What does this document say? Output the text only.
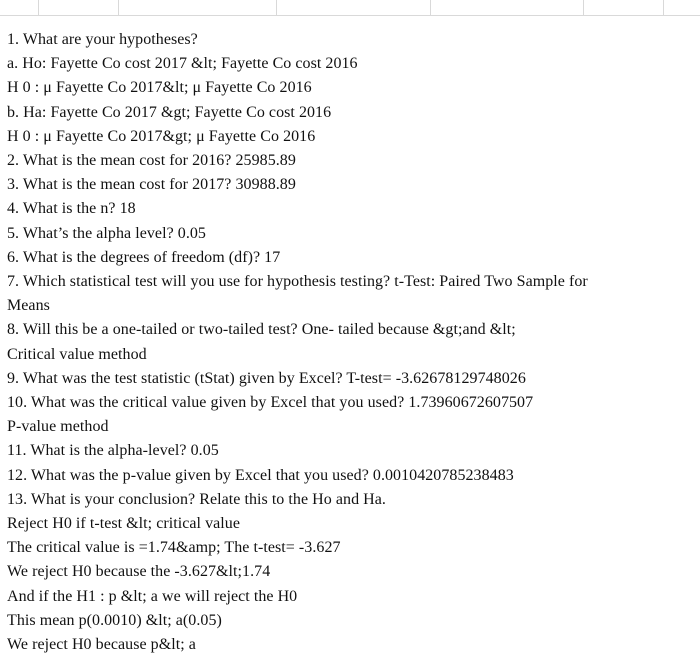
1. What are your hypotheses?
a. Ho: Fayette Co cost 2017 &lt; Fayette Co cost 2016
H 0 : μ Fayette Co 2017&lt; μ Fayette Co 2016
b. Ha: Fayette Co 2017 &gt; Fayette Co cost 2016
H 0 : μ Fayette Co 2017&gt; μ Fayette Co 2016
2. What is the mean cost for 2016? 25985.89
3. What is the mean cost for 2017? 30988.89
4. What is the n? 18
5. What’s the alpha level? 0.05
6. What is the degrees of freedom (df)? 17
7. Which statistical test will you use for hypothesis testing? t-Test: Paired Two Sample for
Means
8. Will this be a one-tailed or two-tailed test? One- tailed because &gt;and &lt;
Critical value method
9. What was the test statistic (tStat) given by Excel? T-test= -3.62678129748026
10. What was the critical value given by Excel that you used? 1.73960672607507
P-value method
11. What is the alpha-level? 0.05
12. What was the p-value given by Excel that you used? 0.0010420785238483
13. What is your conclusion? Relate this to the Ho and Ha.
Reject H0 if t-test &lt; critical value
The critical value is =1.74&amp; The t-test= -3.627
We reject H0 because the -3.627&lt;1.74
And if the H1 : p &lt; a we will reject the H0
This mean p(0.0010) &lt; a(0.05)
We reject H0 because p&lt; a
